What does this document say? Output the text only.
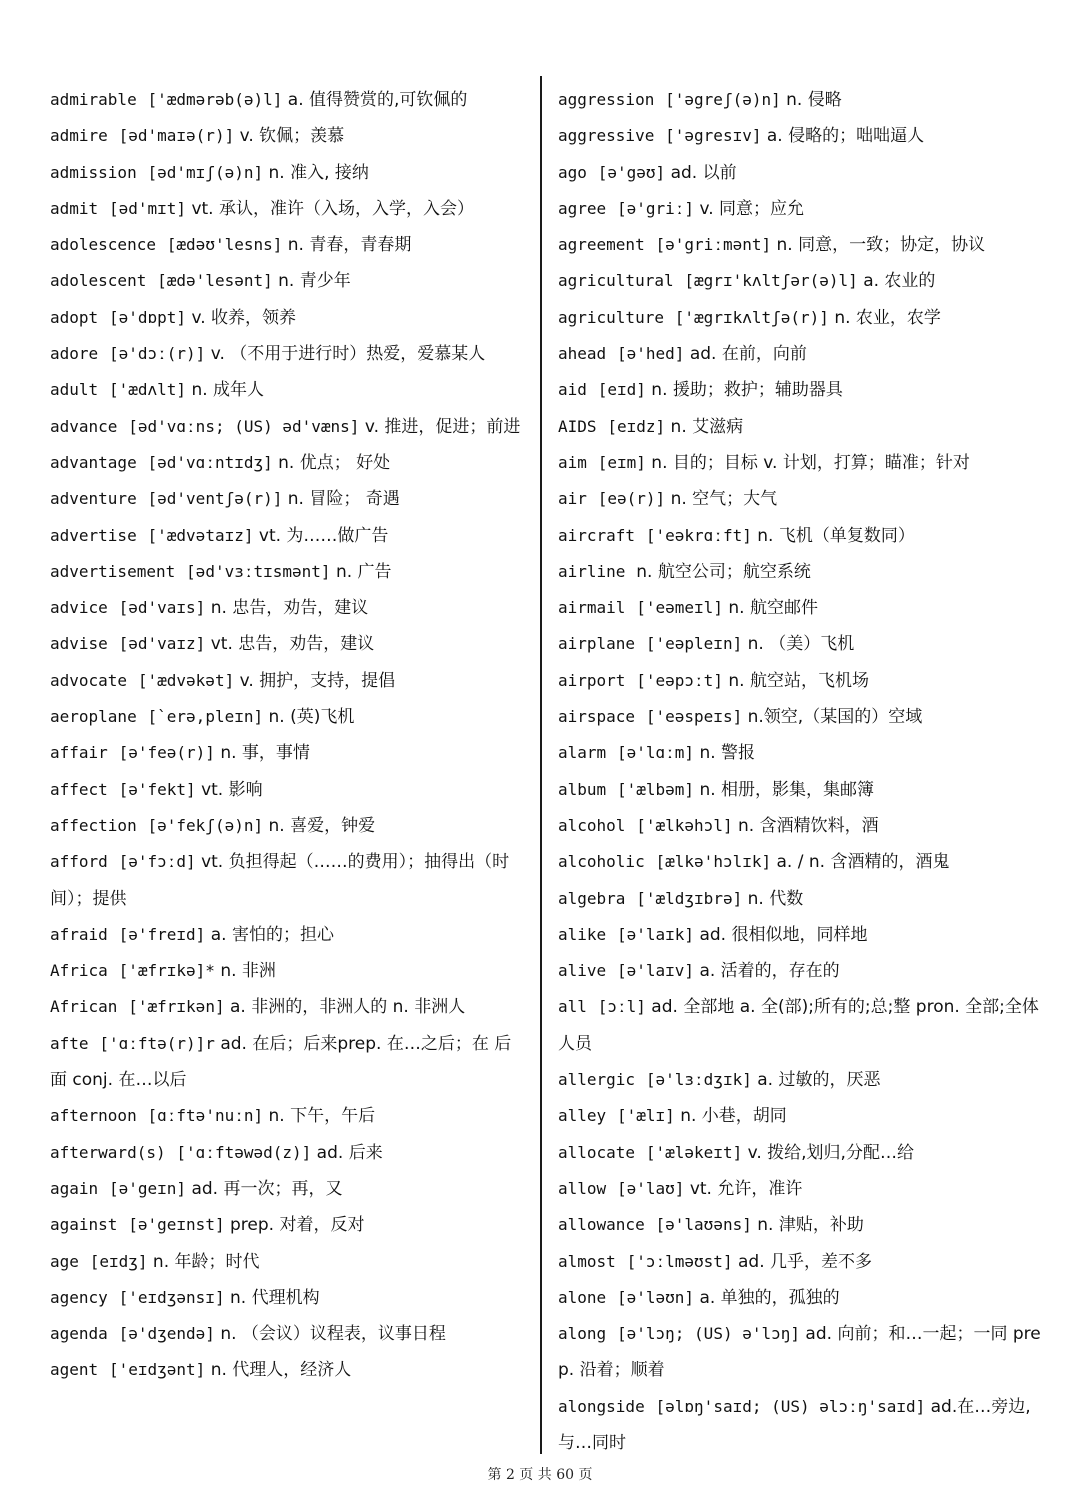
admirable ['ædmərəb(ə)l] a. 值得赞赏的,可钦佩的
admire [əd'maɪə(r)] v. 钦佩；羡慕
admission [əd'mɪʃ(ə)n] n. 准入, 接纳
admit [əd'mɪt] vt. 承认，准许（入场，入学，入会）
adolescence [ædəʊ'lesns] n. 青春，青春期
adolescent [ædə'lesənt] n. 青少年
adopt [ə'dɒpt] v. 收养，领养
adore [ə'dɔː(r)] v. （不用于进行时）热爱，爱慕某人
adult ['ædʌlt] n. 成年人
advance [əd'vɑːns; (US) əd'væns] v. 推进，促进；前进
advantage [əd'vɑːntɪdʒ] n. 优点； 好处
adventure [əd'ventʃə(r)] n. 冒险； 奇遇
advertise ['ædvətaɪz] vt. 为……做广告
advertisement [əd'vɜːtɪsmənt] n. 广告
advice [əd'vaɪs] n. 忠告，劝告，建议
advise [əd'vaɪz] vt. 忠告，劝告，建议
advocate ['ædvəkət] v. 拥护，支持，提倡
aeroplane [`erə,pleɪn] n. (英)飞机
affair [ə'feə(r)] n. 事，事情
affect [ə'fekt] vt. 影响
affection [ə'fekʃ(ə)n] n. 喜爱，钟爱
afford [ə'fɔːd] vt. 负担得起（……的费用）；抽得出（时间）；提供
afraid [ə'freɪd] a. 害怕的；担心
Africa ['æfrɪkə]* n. 非洲
African ['æfrɪkən] a. 非洲的，非洲人的 n. 非洲人
afte ['ɑːftə(r)]r ad. 在后；后来prep. 在…之后；在 后面 conj. 在…以后
afternoon [ɑːftə'nuːn] n. 下午，午后
afterward(s) ['ɑːftəwəd(z)] ad. 后来
again [ə'geɪn] ad. 再一次；再，又
against [ə'geɪnst] prep. 对着，反对
age [eɪdʒ] n. 年龄；时代
agency ['eɪdʒənsɪ] n. 代理机构
agenda [ə'dʒendə] n. （会议）议程表，议事日程
agent ['eɪdʒənt] n. 代理人，经济人
aggression ['əgreʃ(ə)n] n. 侵略
aggressive ['əgresɪv] a. 侵略的；咄咄逼人
ago [ə'gəʊ] ad. 以前
agree [ə'griː] v. 同意；应允
agreement [ə'griːmənt] n. 同意，一致；协定，协议
agricultural [ægrɪ'kʌltʃər(ə)l] a. 农业的
agriculture ['ægrɪkʌltʃə(r)] n. 农业，农学
ahead [ə'hed] ad. 在前，向前
aid [eɪd] n. 援助；救护；辅助器具
AIDS [eɪdz] n. 艾滋病
aim [eɪm] n. 目的；目标 v. 计划，打算；瞄准；针对
air [eə(r)] n. 空气；大气
aircraft ['eəkrɑːft] n. 飞机（单复数同）
airline n. 航空公司；航空系统
airmail ['eəmeɪl] n. 航空邮件
airplane ['eəpleɪn] n. （美）飞机
airport ['eəpɔːt] n. 航空站，飞机场
airspace ['eəspeɪs] n.领空,（某国的）空域
alarm [ə'lɑːm] n. 警报
album ['ælbəm] n. 相册，影集，集邮簿
alcohol ['ælkəhɔl] n. 含酒精饮料，酒
alcoholic [ælkə'hɔlɪk] a. / n. 含酒精的，酒鬼
algebra ['ældʒɪbrə] n. 代数
alike [ə'laɪk] ad. 很相似地，同样地
alive [ə'laɪv] a. 活着的，存在的
all [ɔːl] ad. 全部地 a. 全(部);所有的;总;整 pron. 全部;全体人员
allergic [ə'lɜːdʒɪk] a. 过敏的，厌恶
alley ['ælɪ] n. 小巷，胡同
allocate ['æləkeɪt] v. 拨给,划归,分配…给
allow [ə'laʊ] vt. 允许，准许
allowance [ə'laʊəns] n. 津贴，补助
almost ['ɔːlməʊst] ad. 几乎，差不多
alone [ə'ləʊn] a. 单独的，孤独的
along [ə'lɔŋ; (US) ə'lɔŋ] ad. 向前；和…一起；一同 prep. 沿着；顺着
alongside [əlɒŋ'saɪd; (US) əlɔːŋ'saɪd] ad.在…旁边,与…同时
第 2 页 共 60 页
